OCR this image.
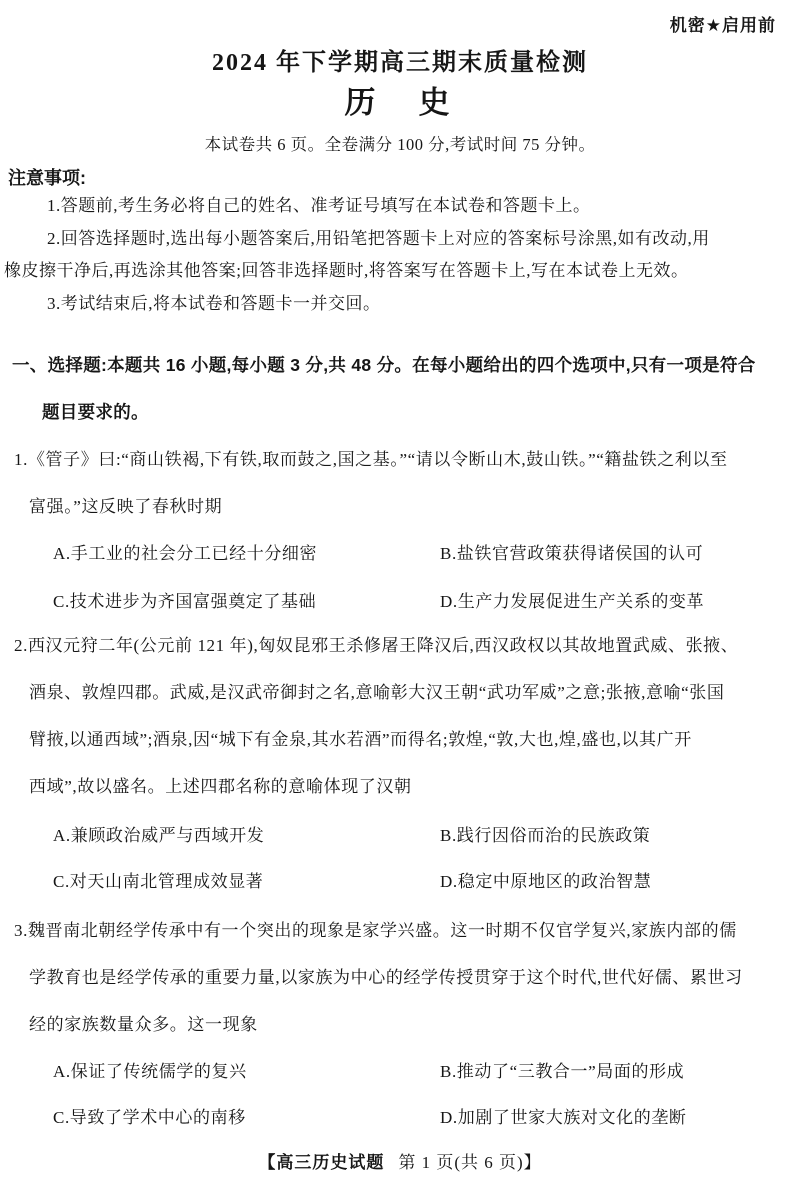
机密★启用前
2024 年下学期高三期末质量检测
历　史
本试卷共 6 页。全卷满分 100 分,考试时间 75 分钟。
注意事项:
1.答题前,考生务必将自己的姓名、准考证号填写在本试卷和答题卡上。
2.回答选择题时,选出每小题答案后,用铅笔把答题卡上对应的答案标号涂黑,如有改动,用
橡皮擦干净后,再选涂其他答案;回答非选择题时,将答案写在答题卡上,写在本试卷上无效。
3.考试结束后,将本试卷和答题卡一并交回。
一、选择题:本题共 16 小题,每小题 3 分,共 48 分。在每小题给出的四个选项中,只有一项是符合
题目要求的。
1.《管子》曰:“商山铁褐,下有铁,取而鼓之,国之基。”“请以令断山木,鼓山铁。”“籍盐铁之利以至
富强。”这反映了春秋时期
A.手工业的社会分工已经十分细密	B.盐铁官营政策获得诸侯国的认可
C.技术进步为齐国富强奠定了基础	D.生产力发展促进生产关系的变革
2.西汉元狩二年(公元前 121 年),匈奴昆邪王杀修屠王降汉后,西汉政权以其故地置武威、张掖、
酒泉、敦煌四郡。武威,是汉武帝御封之名,意喻彰大汉王朝“武功军威”之意;张掖,意喻“张国
臂掖,以通西域”;酒泉,因“城下有金泉,其水若酒”而得名;敦煌,“敦,大也,煌,盛也,以其广开
西域”,故以盛名。上述四郡名称的意喻体现了汉朝
A.兼顾政治威严与西域开发	B.践行因俗而治的民族政策
C.对天山南北管理成效显著	D.稳定中原地区的政治智慧
3.魏晋南北朝经学传承中有一个突出的现象是家学兴盛。这一时期不仅官学复兴,家族内部的儒
学教育也是经学传承的重要力量,以家族为中心的经学传授贯穿于这个时代,世代好儒、累世习
经的家族数量众多。这一现象
A.保证了传统儒学的复兴	B.推动了“三教合一”局面的形成
C.导致了学术中心的南移	D.加剧了世家大族对文化的垄断
【高三历史试题 第 1 页(共 6 页)】
